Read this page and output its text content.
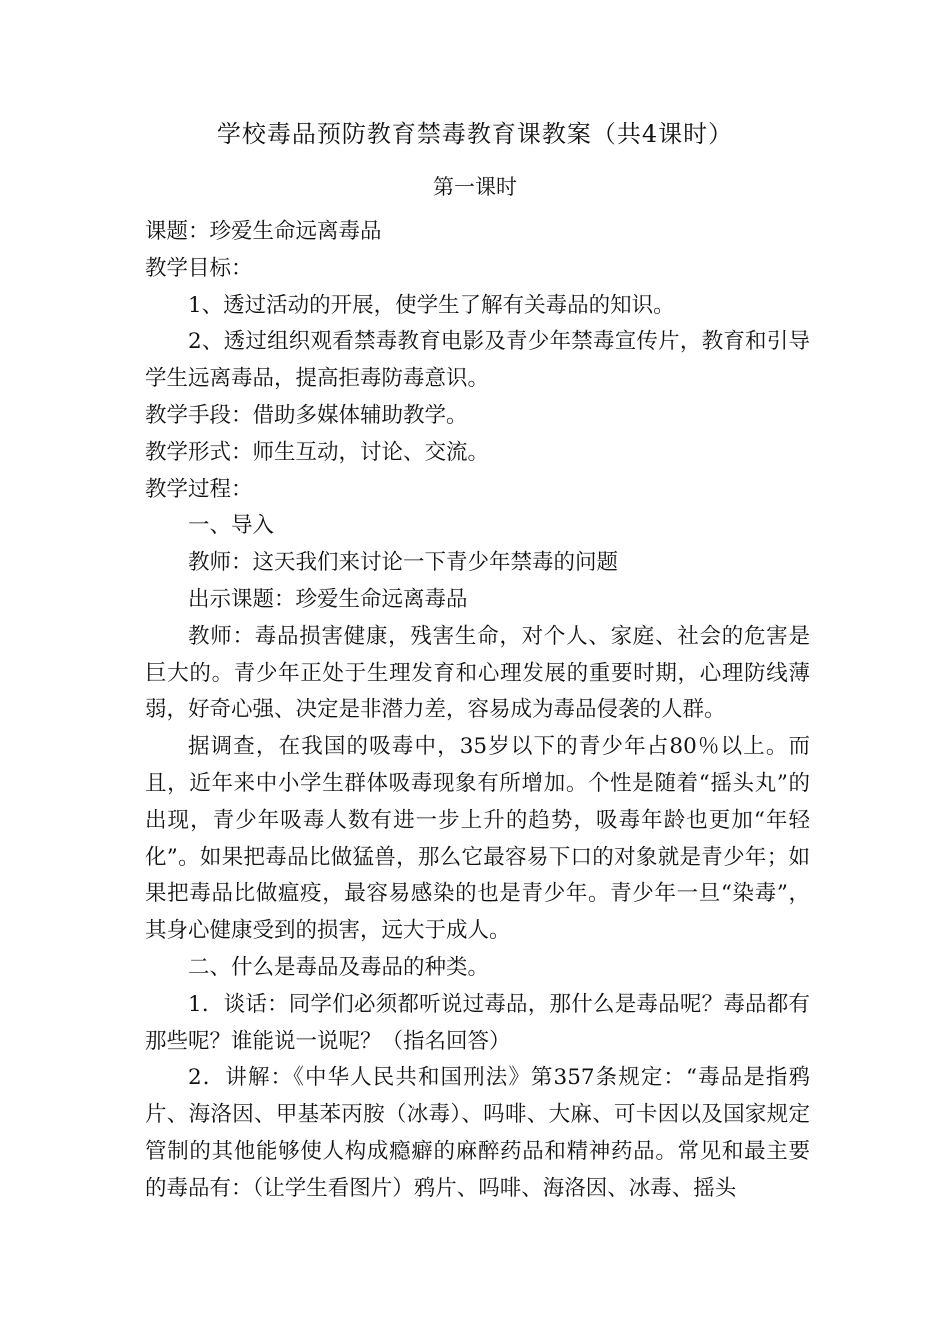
学校毒品预防教育禁毒教育课教案（共4课时）
第一课时

课题：珍爱生命远离毒品

教学目标：

1、透过活动的开展，使学生了解有关毒品的知识。

2、透过组织观看禁毒教育电影及青少年禁毒宣传片，教育和引导学生远离毒品，提高拒毒防毒意识。

教学手段：借助多媒体辅助教学。

教学形式：师生互动，讨论、交流。

教学过程：

一、导入

教师：这天我们来讨论一下青少年禁毒的问题

出示课题：珍爱生命远离毒品

教师：毒品损害健康，残害生命，对个人、家庭、社会的危害是巨大的。青少年正处于生理发育和心理发展的重要时期，心理防线薄弱，好奇心强、决定是非潜力差，容易成为毒品侵袭的人群。

据调查，在我国的吸毒中，35岁以下的青少年占80％以上。而且，近年来中小学生群体吸毒现象有所增加。个性是随着“摇头丸”的出现，青少年吸毒人数有进一步上升的趋势，吸毒年龄也更加“年轻化”。如果把毒品比做猛兽，那么它最容易下口的对象就是青少年；如果把毒品比做瘟疫，最容易感染的也是青少年。青少年一旦“染毒”，其身心健康受到的损害，远大于成人。

二、什么是毒品及毒品的种类。

1．谈话：同学们必须都听说过毒品，那什么是毒品呢？毒品都有那些呢？谁能说一说呢？（指名回答）

2．讲解：《中华人民共和国刑法》第357条规定：“毒品是指鸦片、海洛因、甲基苯丙胺（冰毒）、吗啡、大麻、可卡因以及国家规定管制的其他能够使人构成瘾癖的麻醉药品和精神药品。常见和最主要的毒品有：（让学生看图片）鸦片、吗啡、海洛因、冰毒、摇头
